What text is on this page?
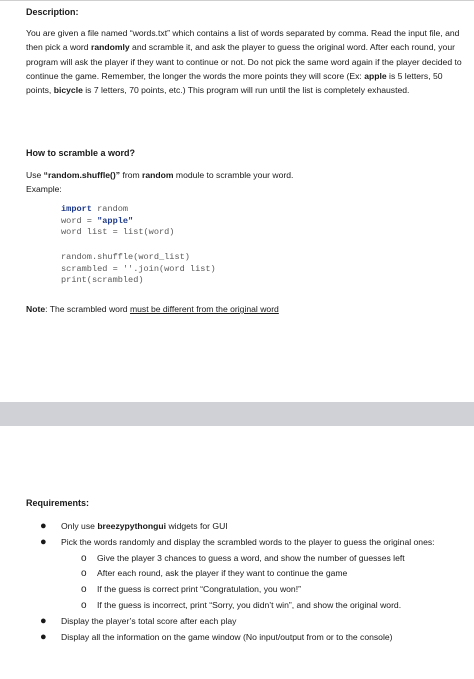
Description:

You are given a file named “words.txt” which contains a list of words separated by comma. Read the input file, and then pick a word randomly and scramble it, and ask the player to guess the original word. After each round, your program will ask the player if they want to continue or not. Do not pick the same word again if the player decided to continue the game. Remember, the longer the words the more points they will score (Ex: apple is 5 letters, 50 points, bicycle is 7 letters, 70 points, etc.) This program will run until the list is completely exhausted.

How to scramble a word?

Use “random.shuffle()” from random module to scramble your word.

Example:

import random
word = "apple"
word list = list(word)
random.shuffle(word_list)
scrambled = ''.join(word list)
print(scrambled)

Note: The scrambled word must be different from the original word

Requirements:
● Only use breezypythongui widgets for GUI
● Pick the words randomly and display the scrambled words to the player to guess the original ones:
o Give the player 3 chances to guess a word, and show the number of guesses left
o After each round, ask the player if they want to continue the game
o If the guess is correct print “Congratulation, you won!”
o If the guess is incorrect, print “Sorry, you didn’t win”, and show the original word.
● Display the player’s total score after each play
● Display all the information on the game window (No input/output from or to the console)
